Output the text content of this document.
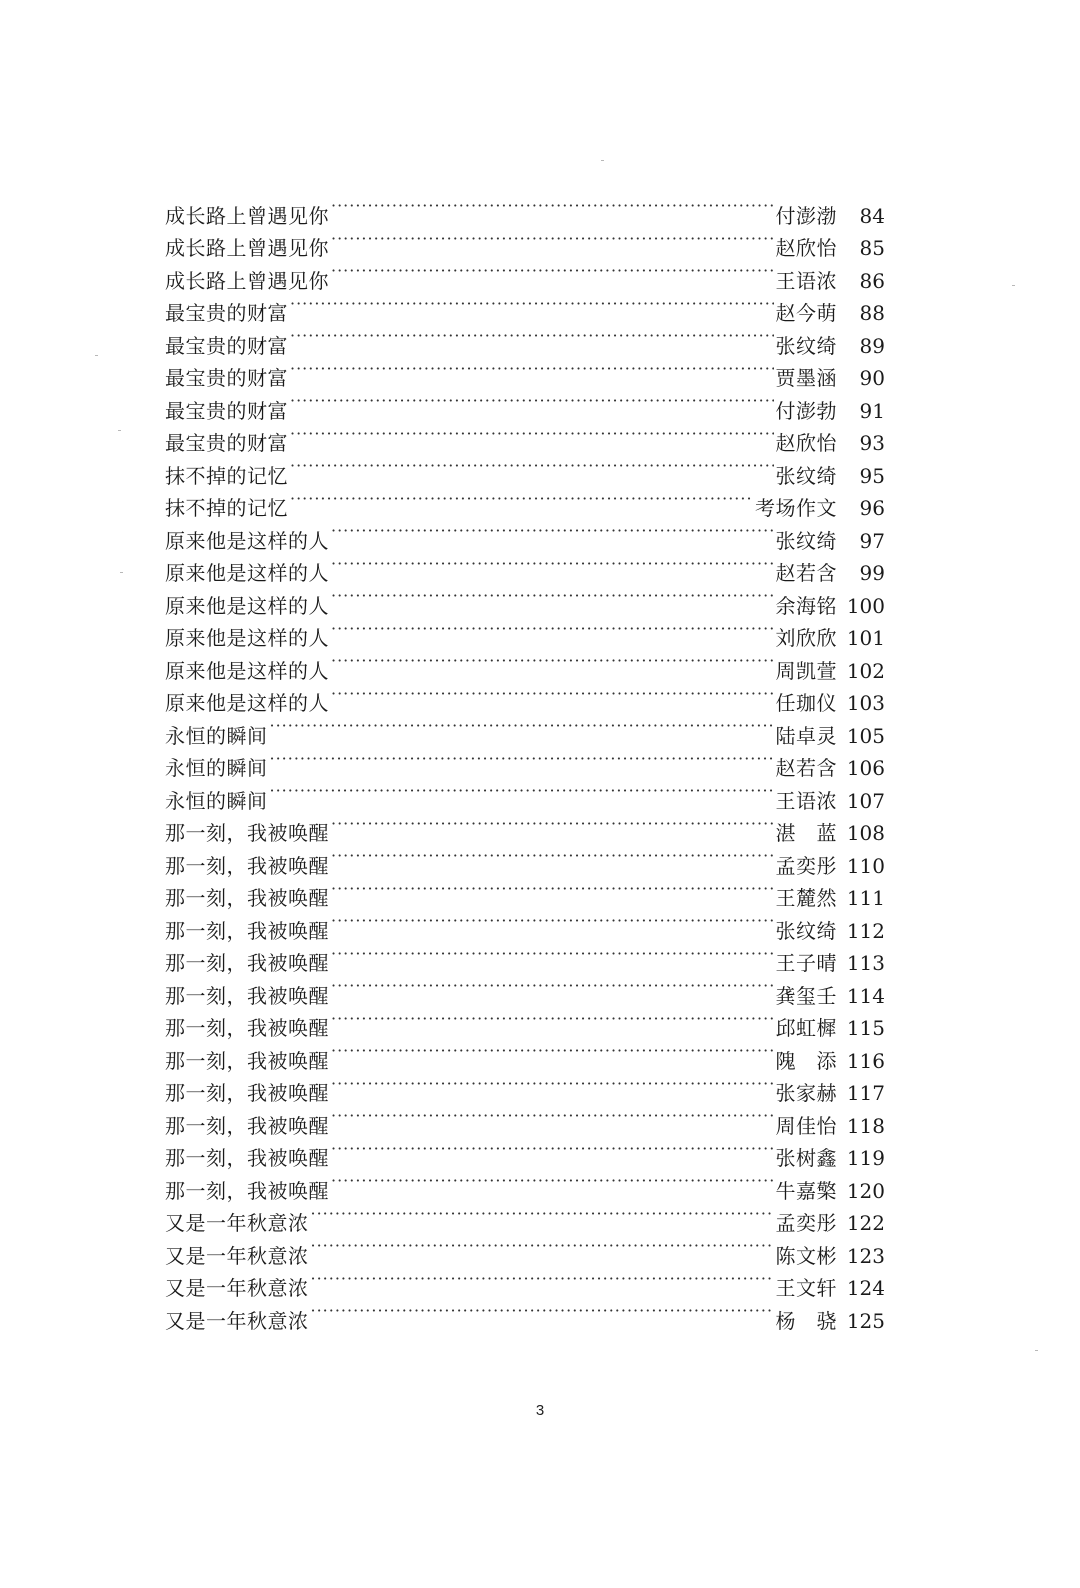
成长路上曾遇见你 ·····	付澎渤	84
成长路上曾遇见你 ·····	赵欣怡	85
成长路上曾遇见你 ·····	王语浓	86
最宝贵的财富 ·····	赵今萌	88
最宝贵的财富 ·····	张纹绮	89
最宝贵的财富 ·····	贾墨涵	90
最宝贵的财富 ·····	付澎勃	91
最宝贵的财富 ·····	赵欣怡	93
抹不掉的记忆 ·····	张纹绮	95
抹不掉的记忆 ·····	考场作文	96
原来他是这样的人 ·····	张纹绮	97
原来他是这样的人 ·····	赵若含	99
原来他是这样的人 ·····	余海铭 100
原来他是这样的人 ·····	刘欣欣 101
原来他是这样的人 ·····	周凯萱 102
原来他是这样的人 ·····	任珈仪 103
永恒的瞬间 ·····	陆卓灵 105
永恒的瞬间 ·····	赵若含 106
永恒的瞬间 ·····	王语浓 107
那一刻，我被唤醒 ·····	湛　蓝 108
那一刻，我被唤醒 ·····	孟奕彤 110
那一刻，我被唤醒 ·····	王麓然 111
那一刻，我被唤醒 ·····	张纹绮 112
那一刻，我被唤醒 ·····	王子晴 113
那一刻，我被唤醒 ·····	龚玺壬 114
那一刻，我被唤醒 ·····	邱虹樨 115
那一刻，我被唤醒 ·····	隗　添 116
那一刻，我被唤醒 ·····	张家赫 117
那一刻，我被唤醒 ·····	周佳怡 118
那一刻，我被唤醒 ·····	张树鑫 119
那一刻，我被唤醒 ·····	牛嘉檠 120
又是一年秋意浓 ·····	孟奕彤 122
又是一年秋意浓 ·····	陈文彬 123
又是一年秋意浓 ·····	王文轩 124
又是一年秋意浓 ·····	杨　骁 125
3
